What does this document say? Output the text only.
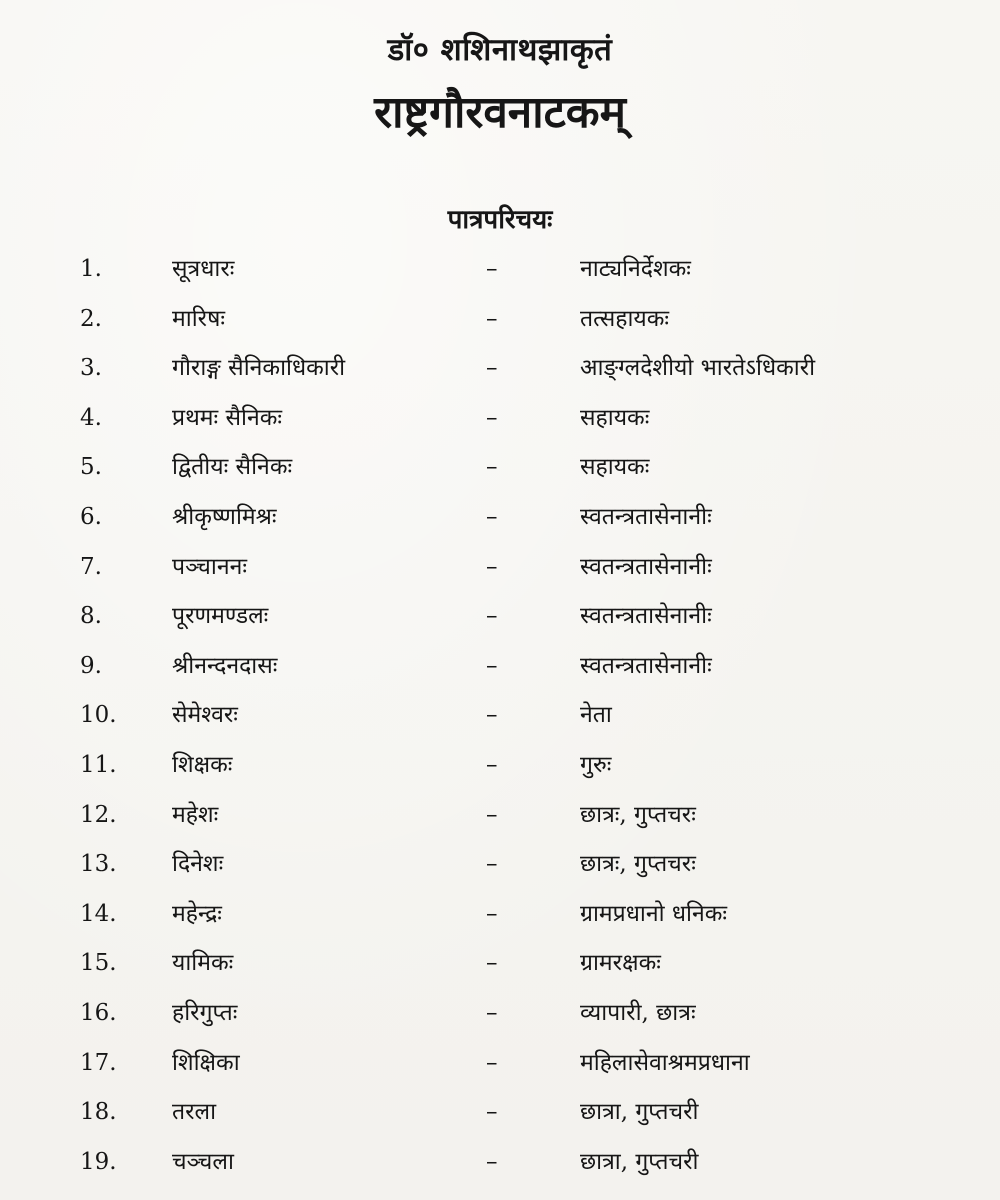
डॉ० शशिनाथझाकृतं
राष्ट्रगौरवनाटकम्
पात्रपरिचयः
1.	सूत्रधारः	–	नाट्यनिर्देशकः
2.	मारिषः	–	तत्सहायकः
3.	गौराङ्ग सैनिकाधिकारी	–	आङ्ग्लदेशीयो भारतेऽधिकारी
4.	प्रथमः सैनिकः	–	सहायकः
5.	द्वितीयः सैनिकः	–	सहायकः
6.	श्रीकृष्णमिश्रः	–	स्वतन्त्रतासेनानीः
7.	पञ्चाननः	–	स्वतन्त्रतासेनानीः
8.	पूरणमण्डलः	–	स्वतन्त्रतासेनानीः
9.	श्रीनन्दनदासः	–	स्वतन्त्रतासेनानीः
10. सेमेश्वरः	–	नेता
11. शिक्षकः	–	गुरुः
12. महेशः	–	छात्रः, गुप्तचरः
13. दिनेशः	–	छात्रः, गुप्तचरः
14. महेन्द्रः	–	ग्रामप्रधानो धनिकः
15. यामिकः	–	ग्रामरक्षकः
16. हरिगुप्तः	–	व्यापारी, छात्रः
17. शिक्षिका	–	महिलासेवाश्रमप्रधाना
18. तरला	–	छात्रा, गुप्तचरी
19. चञ्चला	–	छात्रा, गुप्तचरी
